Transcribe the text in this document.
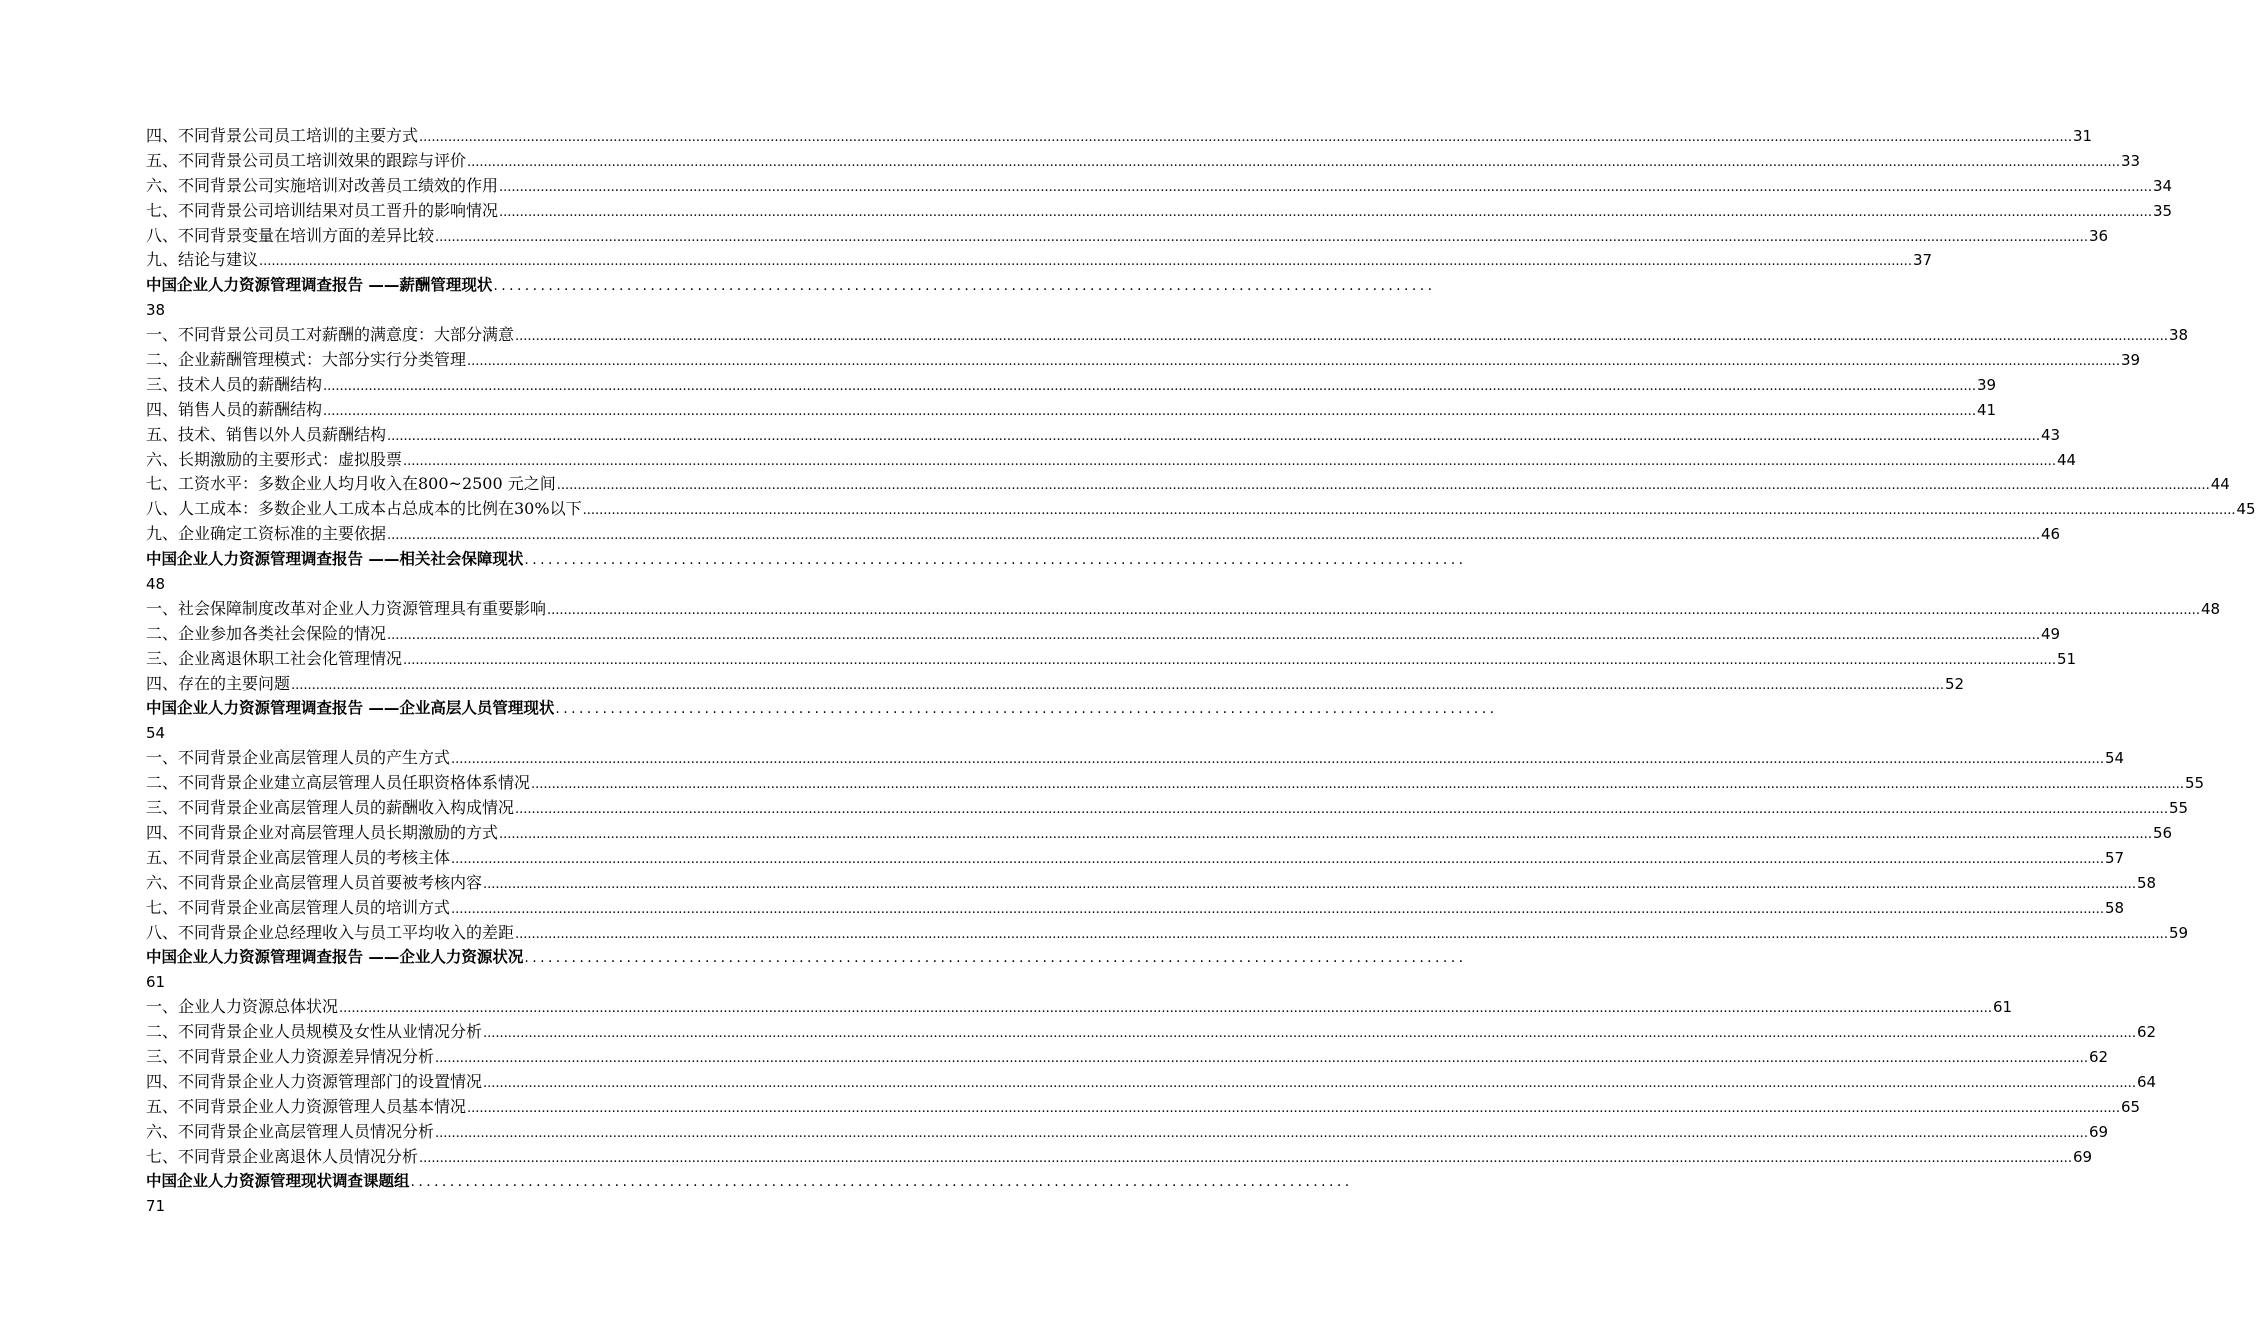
四、不同背景公司员工培训的主要方式 ................................................................................................................................................................................................................................................................................................................................................................................................................ 31
五、不同背景公司员工培训效果的跟踪与评价 ................................................................................................................................................................................................................................................................................................................................................................................................................ 33
六、不同背景公司实施培训对改善员工绩效的作用 ................................................................................................................................................................................................................................................................................................................................................................................................................ 34
七、不同背景公司培训结果对员工晋升的影响情况 ................................................................................................................................................................................................................................................................................................................................................................................................................ 35
八、不同背景变量在培训方面的差异比较 ................................................................................................................................................................................................................................................................................................................................................................................................................ 36
九、结论与建议 ................................................................................................................................................................................................................................................................................................................................................................................................................ 37
中国企业人力资源管理调查报告 ——薪酬管理现状 ........................................................................................................................
38
一、不同背景公司员工对薪酬的满意度：大部分满意 ................................................................................................................................................................................................................................................................................................................................................................................................................ 38
二、企业薪酬管理模式：大部分实行分类管理 ................................................................................................................................................................................................................................................................................................................................................................................................................ 39
三、技术人员的薪酬结构 ................................................................................................................................................................................................................................................................................................................................................................................................................ 39
四、销售人员的薪酬结构 ................................................................................................................................................................................................................................................................................................................................................................................................................ 41
五、技术、销售以外人员薪酬结构 ................................................................................................................................................................................................................................................................................................................................................................................................................ 43
六、长期激励的主要形式：虚拟股票 ................................................................................................................................................................................................................................................................................................................................................................................................................ 44
七、工资水平：多数企业人均月收入在800~2500 元之间 ................................................................................................................................................................................................................................................................................................................................................................................................................ 44
八、人工成本：多数企业人工成本占总成本的比例在30%以下 ................................................................................................................................................................................................................................................................................................................................................................................................................ 45
九、企业确定工资标准的主要依据 ................................................................................................................................................................................................................................................................................................................................................................................................................ 46
中国企业人力资源管理调查报告 ——相关社会保障现状 ........................................................................................................................
48
一、社会保障制度改革对企业人力资源管理具有重要影响 ................................................................................................................................................................................................................................................................................................................................................................................................................ 48
二、企业参加各类社会保险的情况 ................................................................................................................................................................................................................................................................................................................................................................................................................ 49
三、企业离退休职工社会化管理情况 ................................................................................................................................................................................................................................................................................................................................................................................................................ 51
四、存在的主要问题 ................................................................................................................................................................................................................................................................................................................................................................................................................ 52
中国企业人力资源管理调查报告 ——企业高层人员管理现状 ........................................................................................................................
54
一、不同背景企业高层管理人员的产生方式 ................................................................................................................................................................................................................................................................................................................................................................................................................ 54
二、不同背景企业建立高层管理人员任职资格体系情况 ................................................................................................................................................................................................................................................................................................................................................................................................................ 55
三、不同背景企业高层管理人员的薪酬收入构成情况 ................................................................................................................................................................................................................................................................................................................................................................................................................ 55
四、不同背景企业对高层管理人员长期激励的方式 ................................................................................................................................................................................................................................................................................................................................................................................................................ 56
五、不同背景企业高层管理人员的考核主体 ................................................................................................................................................................................................................................................................................................................................................................................................................ 57
六、不同背景企业高层管理人员首要被考核内容 ................................................................................................................................................................................................................................................................................................................................................................................................................ 58
七、不同背景企业高层管理人员的培训方式 ................................................................................................................................................................................................................................................................................................................................................................................................................ 58
八、不同背景企业总经理收入与员工平均收入的差距 ................................................................................................................................................................................................................................................................................................................................................................................................................ 59
中国企业人力资源管理调查报告 ——企业人力资源状况 ........................................................................................................................
61
一、企业人力资源总体状况 ................................................................................................................................................................................................................................................................................................................................................................................................................ 61
二、不同背景企业人员规模及女性从业情况分析 ................................................................................................................................................................................................................................................................................................................................................................................................................ 62
三、不同背景企业人力资源差异情况分析 ................................................................................................................................................................................................................................................................................................................................................................................................................ 62
四、不同背景企业人力资源管理部门的设置情况 ................................................................................................................................................................................................................................................................................................................................................................................................................ 64
五、不同背景企业人力资源管理人员基本情况 ................................................................................................................................................................................................................................................................................................................................................................................................................ 65
六、不同背景企业高层管理人员情况分析 ................................................................................................................................................................................................................................................................................................................................................................................................................ 69
七、不同背景企业离退休人员情况分析 ................................................................................................................................................................................................................................................................................................................................................................................................................ 69
中国企业人力资源管理现状调查课题组 ........................................................................................................................
71
